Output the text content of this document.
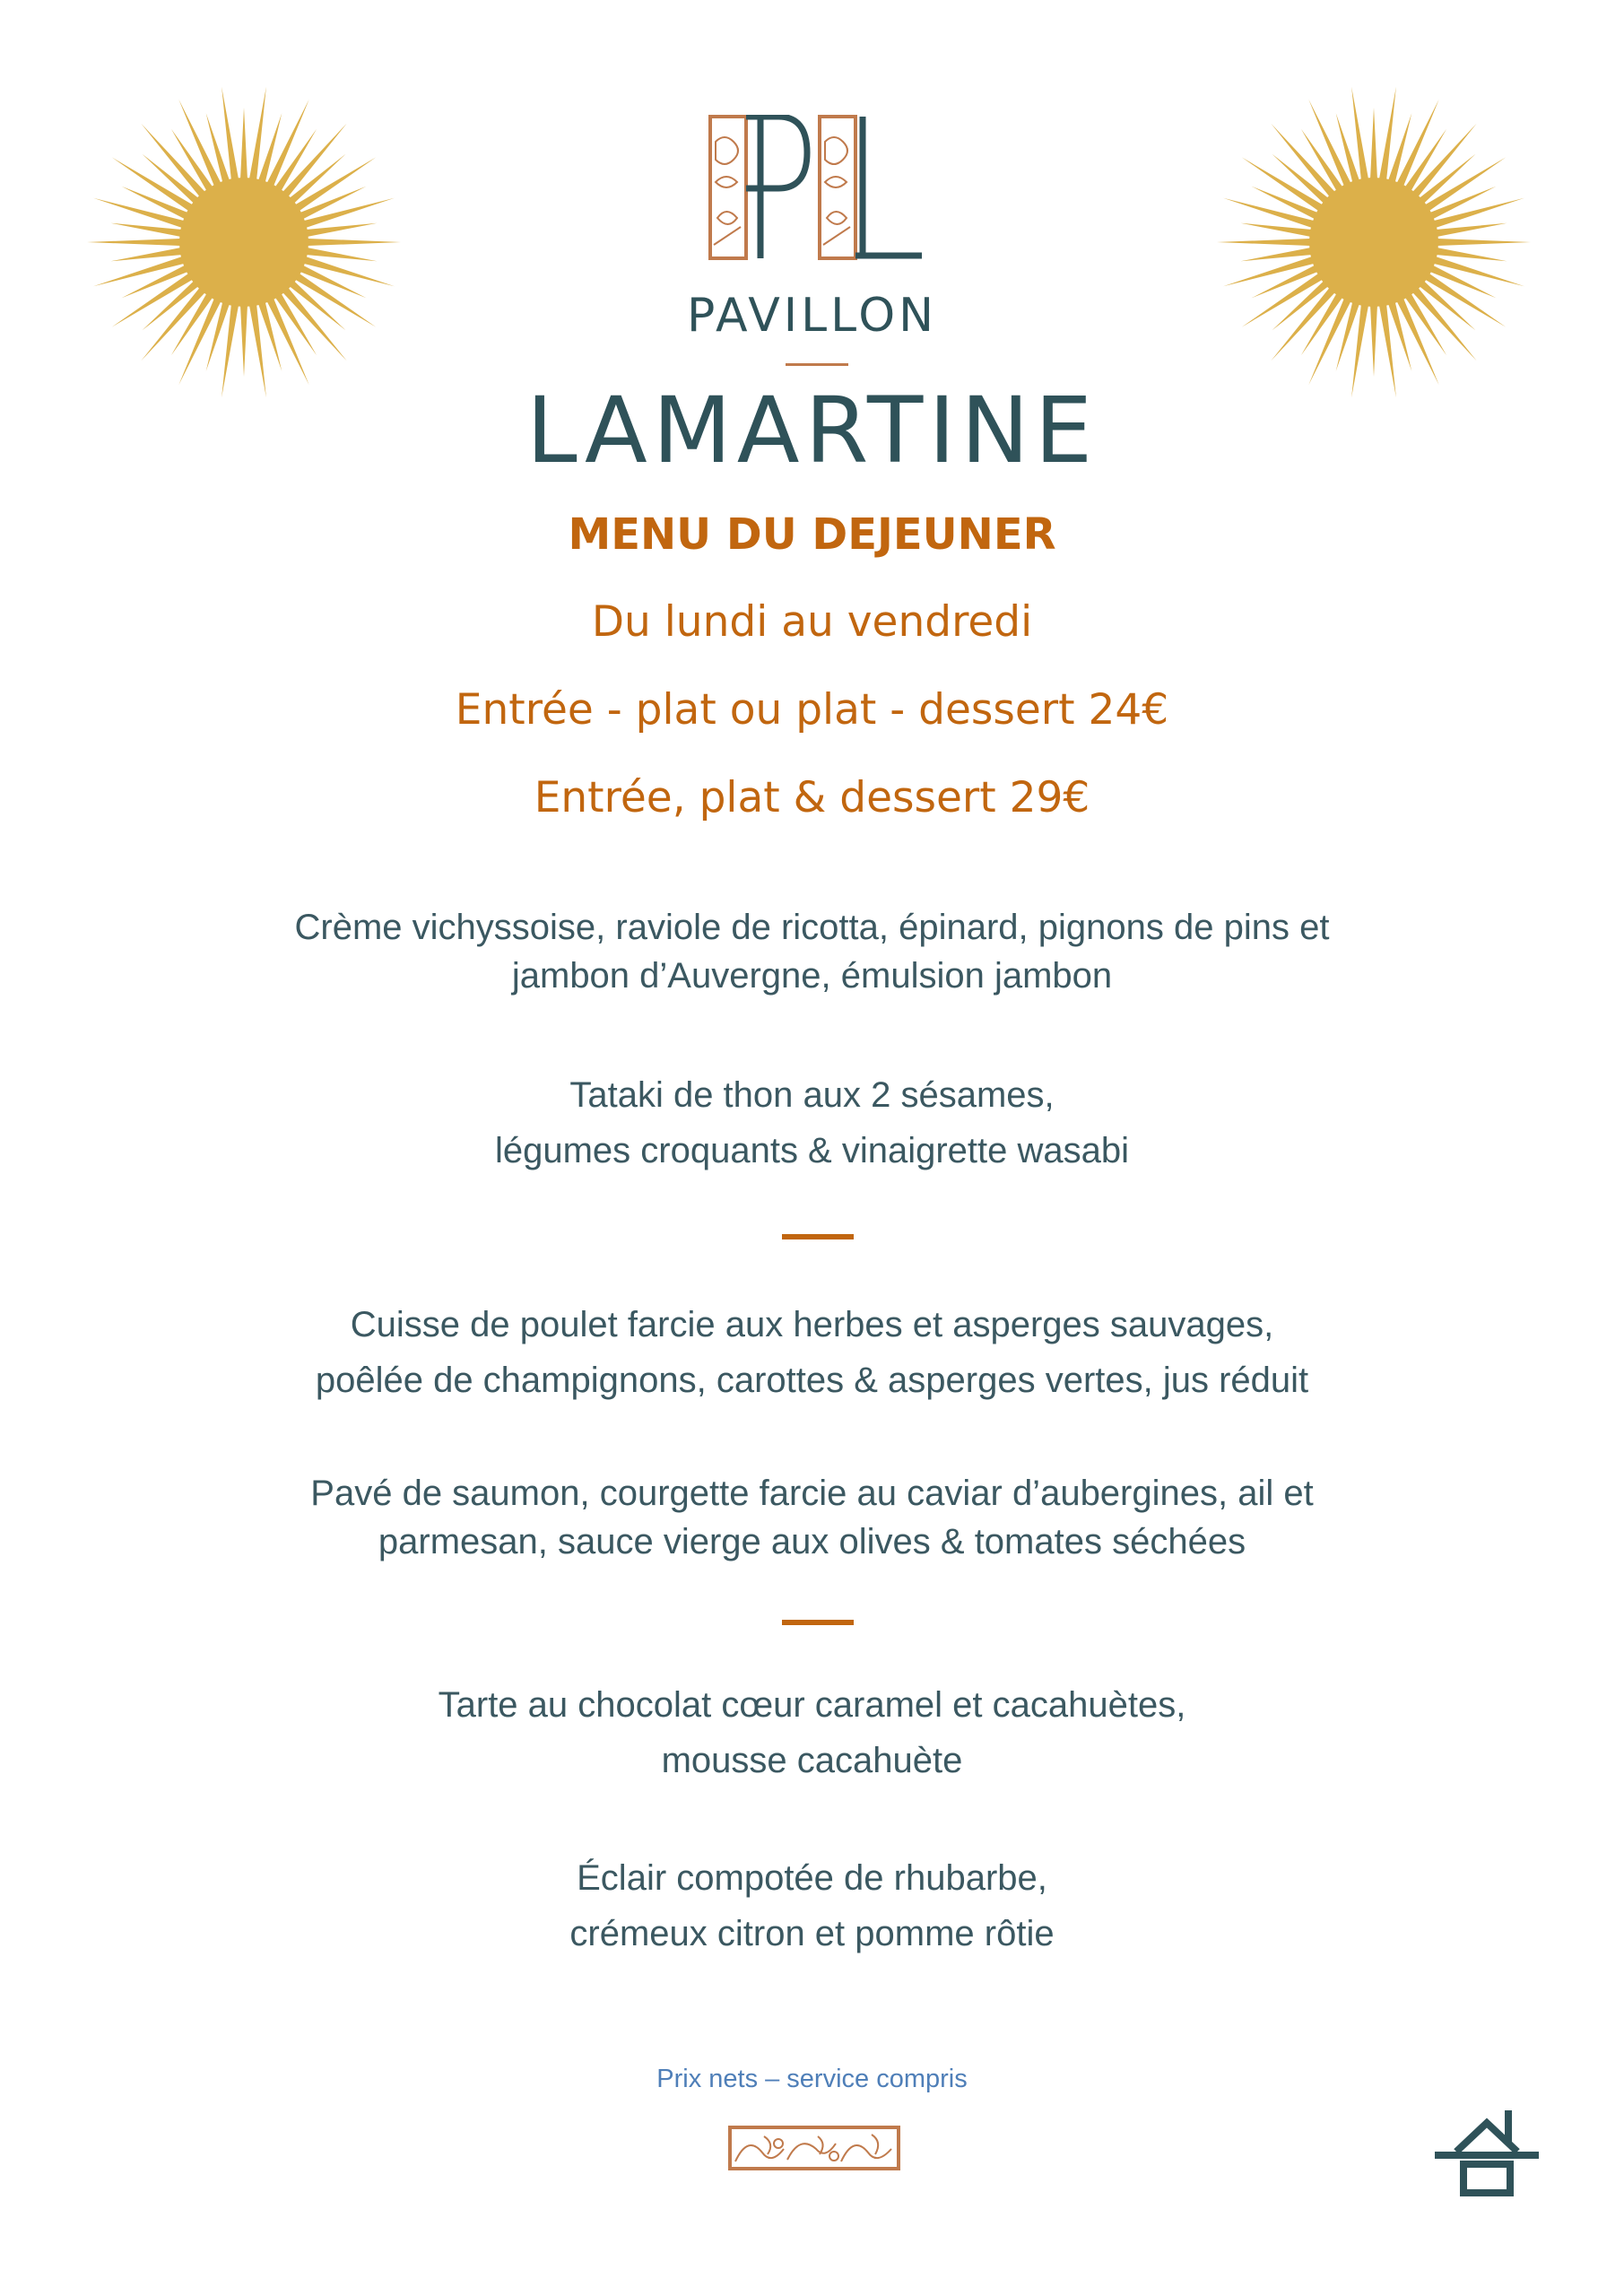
PAVILLON
LAMARTINE
MENU DU DEJEUNER
Du lundi au vendredi
Entrée - plat ou plat - dessert 24€
Entrée, plat & dessert 29€
Crème vichyssoise, raviole de ricotta, épinard, pignons de pins et
jambon d’Auvergne, émulsion jambon
Tataki de thon aux 2 sésames,
légumes croquants & vinaigrette wasabi
Cuisse de poulet farcie aux herbes et asperges sauvages,
poêlée de champignons, carottes & asperges vertes, jus réduit
Pavé de saumon, courgette farcie au caviar d’aubergines, ail et
parmesan, sauce vierge aux olives & tomates séchées
Tarte au chocolat cœur caramel et cacahuètes,
mousse cacahuète
Éclair compotée de rhubarbe,
crémeux citron et pomme rôtie
Prix nets – service compris
